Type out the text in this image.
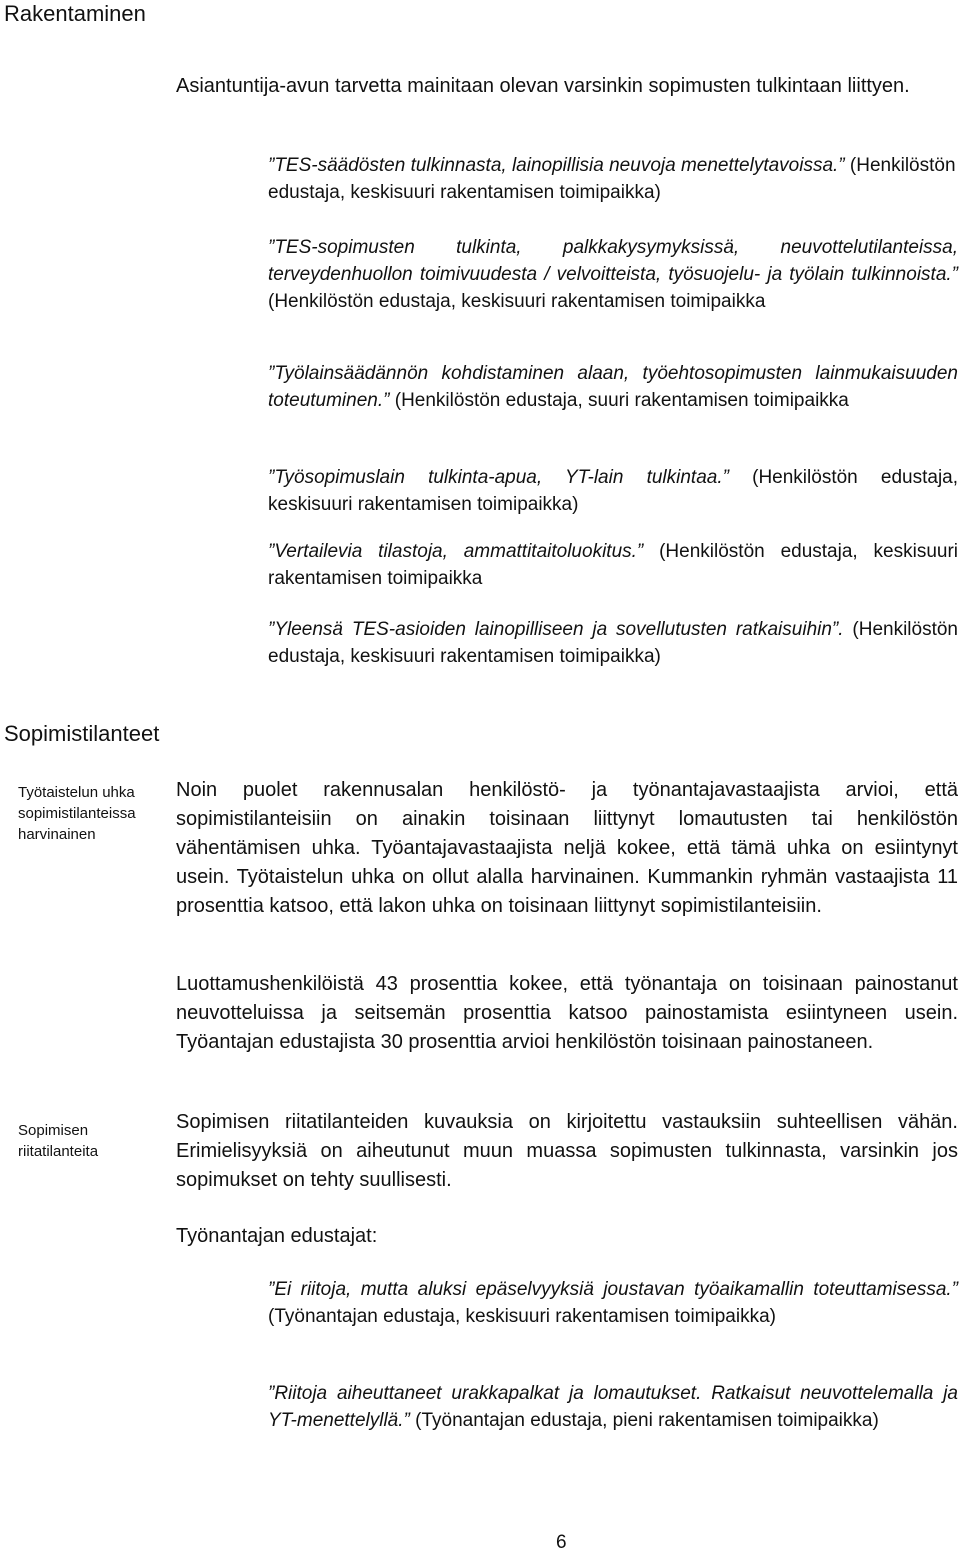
Rakentaminen

Asiantuntija-avun tarvetta mainitaan olevan varsinkin sopimusten tulkintaan liittyen.

”TES-säädösten tulkinnasta, lainopillisia neuvoja menettelytavoissa.” (Henkilöstön edustaja, keskisuuri rakentamisen toimipaikka)

”TES-sopimusten tulkinta, palkkakysymyksissä, neuvottelutilanteissa, terveydenhuollon toimivuudesta / velvoitteista, työsuojelu- ja työlain tulkinnoista.” (Henkilöstön edustaja, keskisuuri rakentamisen toimipaikka

”Työlainsäädännön kohdistaminen alaan, työehtosopimusten lainmukaisuuden toteutuminen.” (Henkilöstön edustaja, suuri rakentamisen toimipaikka

”Työsopimuslain tulkinta-apua, YT-lain tulkintaa.” (Henkilöstön edustaja, keskisuuri rakentamisen toimipaikka)

”Vertailevia tilastoja, ammattitaitoluokitus.” (Henkilöstön edustaja, keskisuuri rakentamisen toimipaikka

”Yleensä TES-asioiden lainopilliseen ja sovellutusten ratkaisuihin”. (Henkilöstön edustaja, keskisuuri rakentamisen toimipaikka)

Sopimistilanteet

Työtaistelun uhka sopimistilanteissa harvinainen

Noin puolet rakennusalan henkilöstö- ja työnantajavastaajista arvioi, että sopimistilanteisiin on ainakin toisinaan liittynyt lomautusten tai henkilöstön vähentämisen uhka. Työantajavastaajista neljä kokee, että tämä uhka on esiintynyt usein. Työtaistelun uhka on ollut alalla harvinainen. Kummankin ryhmän vastaajista 11 prosenttia katsoo, että lakon uhka on toisinaan liittynyt sopimistilanteisiin.

Luottamushenkilöistä 43 prosenttia kokee, että työnantaja on toisinaan painostanut neuvotteluissa ja seitsemän prosenttia katsoo painostamista esiintyneen usein. Työantajan edustajista 30 prosenttia arvioi henkilöstön toisinaan painostaneen.

Sopimisen riitatilanteita

Sopimisen riitatilanteiden kuvauksia on kirjoitettu vastauksiin suhteellisen vähän. Erimielisyyksiä on aiheutunut muun muassa sopimusten tulkinnasta, varsinkin jos sopimukset on tehty suullisesti.

Työnantajan edustajat:

”Ei riitoja, mutta aluksi epäselvyyksiä joustavan työaikamallin toteuttamisessa.” (Työnantajan edustaja, keskisuuri rakentamisen toimipaikka)

”Riitoja aiheuttaneet urakkapalkat ja lomautukset. Ratkaisut neuvottelemalla ja YT-menettelyllä.” (Työnantajan edustaja, pieni rakentamisen toimipaikka)

6
